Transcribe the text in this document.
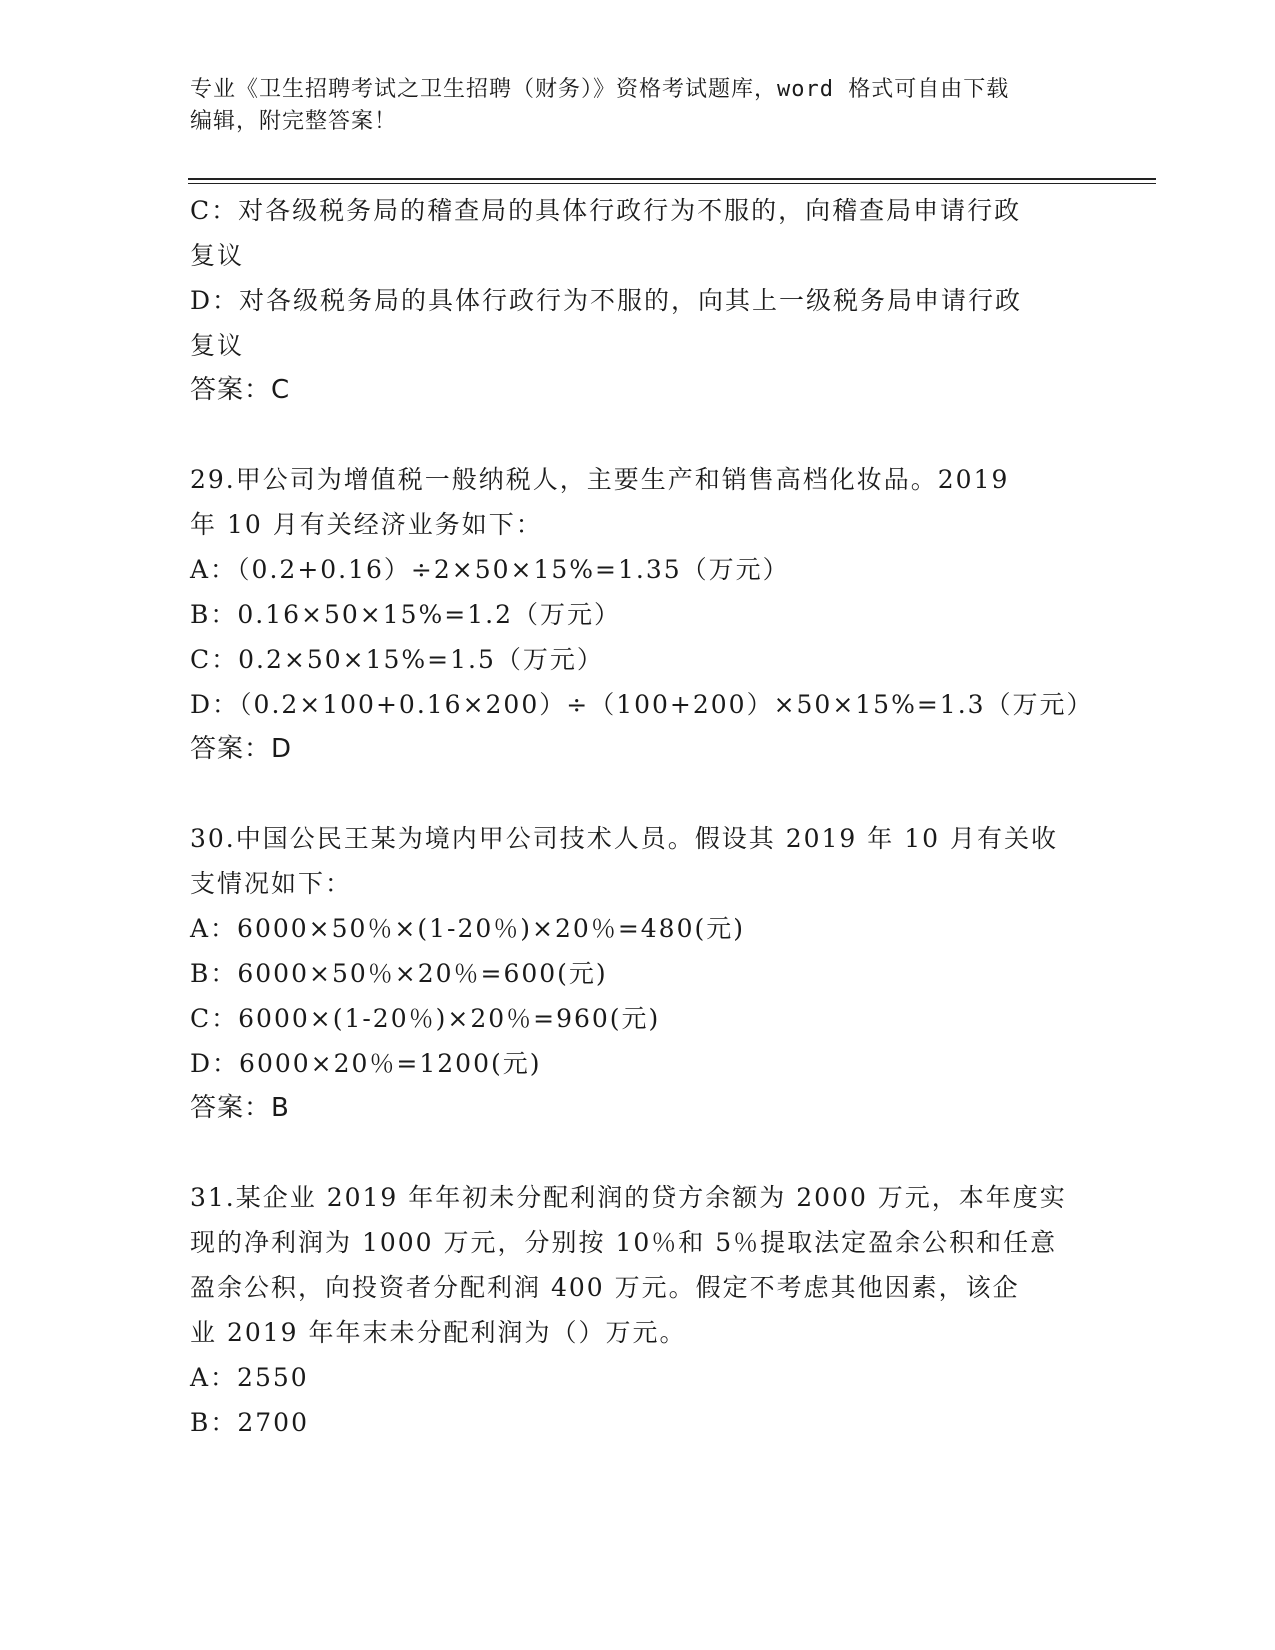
专业《卫生招聘考试之卫生招聘（财务）》资格考试题库，word 格式可自由下载
编辑，附完整答案！
C：对各级税务局的稽查局的具体行政行为不服的，向稽查局申请行政
复议
D：对各级税务局的具体行政行为不服的，向其上一级税务局申请行政
复议
答案：C
29.甲公司为增值税一般纳税人，主要生产和销售高档化妆品。2019
年 10 月有关经济业务如下：
A：（0.2+0.16）÷2×50×15%=1.35（万元）
B：0.16×50×15%=1.2（万元）
C：0.2×50×15%=1.5（万元）
D：（0.2×100+0.16×200）÷（100+200）×50×15%=1.3（万元）
答案：D
30.中国公民王某为境内甲公司技术人员。假设其 2019 年 10 月有关收
支情况如下：
A：6000×50％×(1-20％)×20％=480(元)
B：6000×50％×20％=600(元)
C：6000×(1-20％)×20％=960(元)
D：6000×20％=1200(元)
答案：B
31.某企业 2019 年年初未分配利润的贷方余额为 2000 万元，本年度实
现的净利润为 1000 万元，分别按 10％和 5％提取法定盈余公积和任意
盈余公积，向投资者分配利润 400 万元。假定不考虑其他因素，该企
业 2019 年年末未分配利润为（）万元。
A：2550
B：2700
